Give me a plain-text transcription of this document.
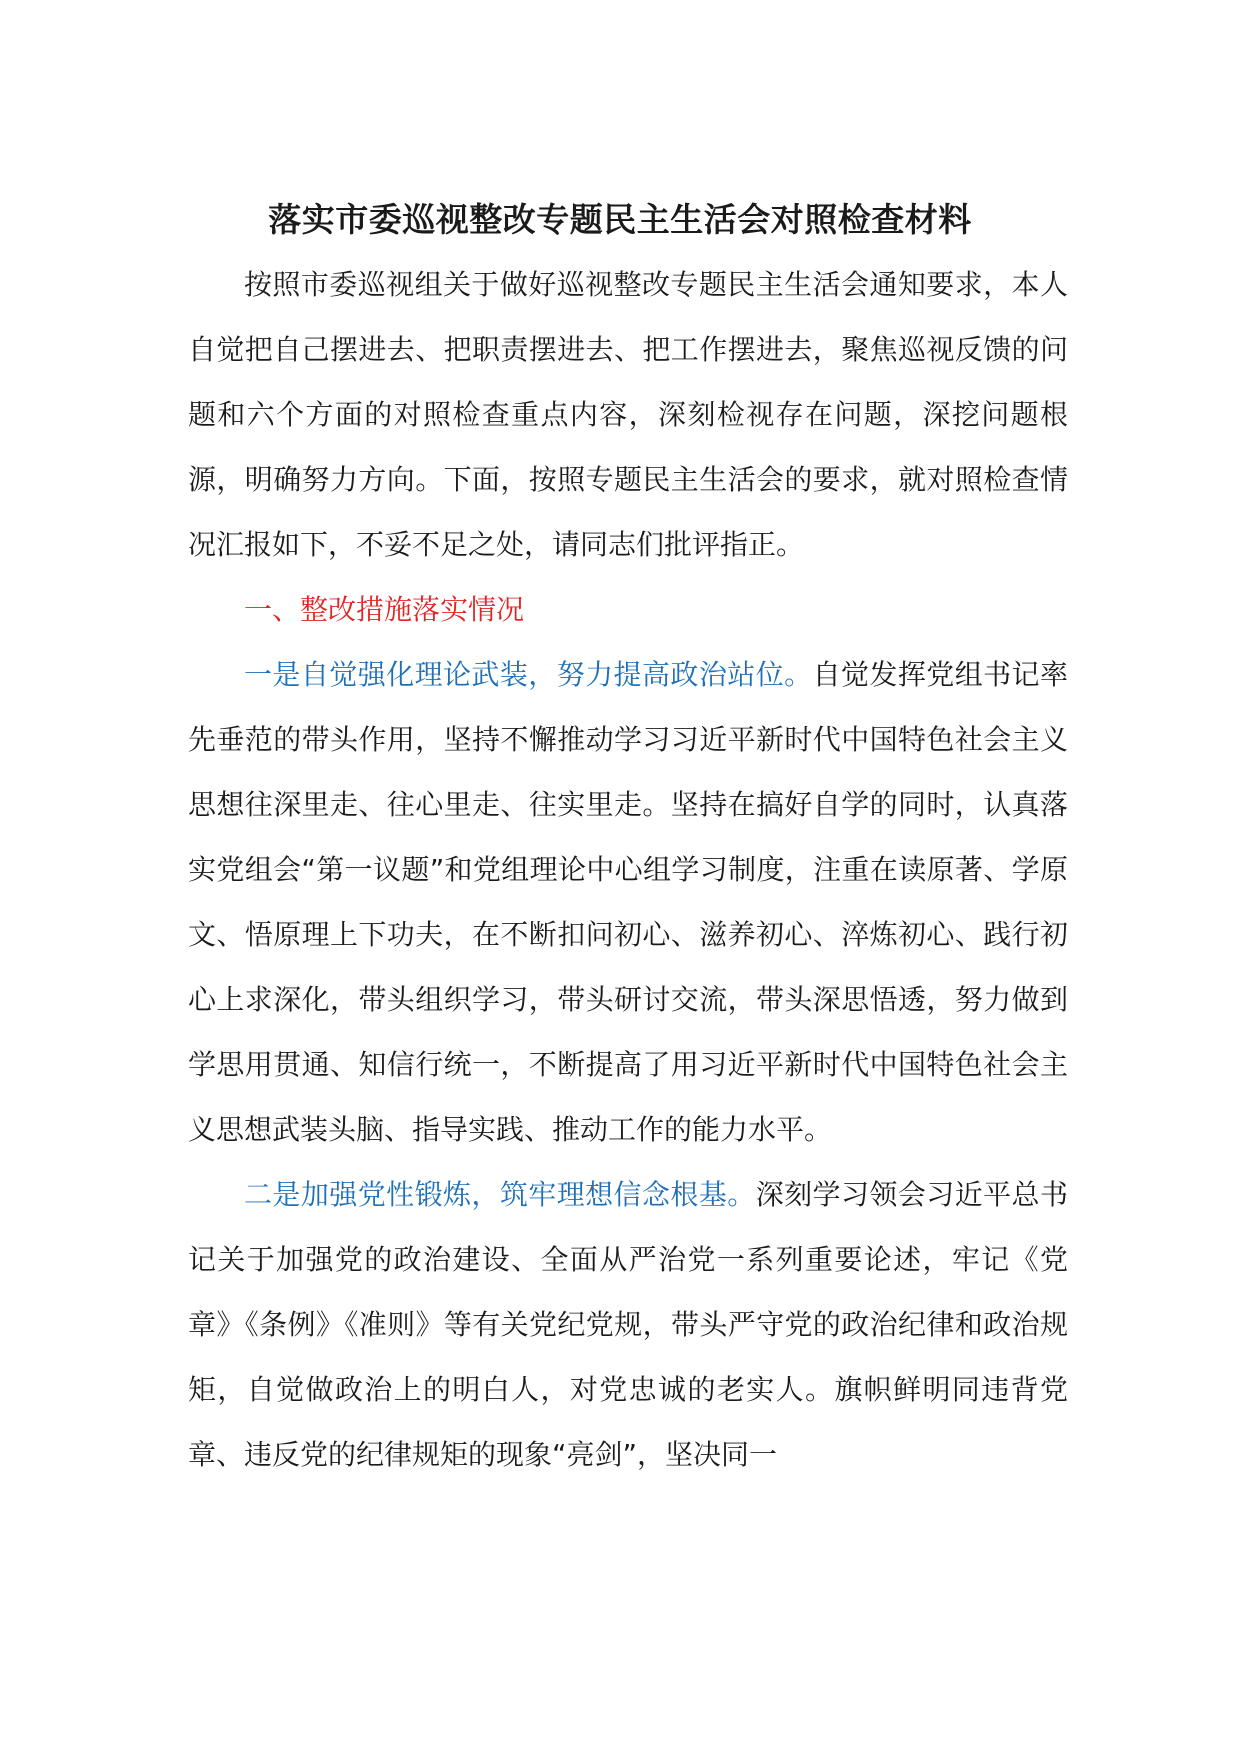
落实市委巡视整改专题民主生活会对照检查材料

按照市委巡视组关于做好巡视整改专题民主生活会通知要求，本人自觉把自己摆进去、把职责摆进去、把工作摆进去，聚焦巡视反馈的问题和六个方面的对照检查重点内容，深刻检视存在问题，深挖问题根源，明确努力方向。下面，按照专题民主生活会的要求，就对照检查情况汇报如下，不妥不足之处，请同志们批评指正。

一、整改措施落实情况

一是自觉强化理论武装，努力提高政治站位。自觉发挥党组书记率先垂范的带头作用，坚持不懈推动学习习近平新时代中国特色社会主义思想往深里走、往心里走、往实里走。坚持在搞好自学的同时，认真落实党组会“第一议题”和党组理论中心组学习制度，注重在读原著、学原文、悟原理上下功夫，在不断扣问初心、滋养初心、淬炼初心、践行初心上求深化，带头组织学习，带头研讨交流，带头深思悟透，努力做到学思用贯通、知信行统一，不断提高了用习近平新时代中国特色社会主义思想武装头脑、指导实践、推动工作的能力水平。

二是加强党性锻炼，筑牢理想信念根基。深刻学习领会习近平总书记关于加强党的政治建设、全面从严治党一系列重要论述，牢记《党章》《条例》《准则》等有关党纪党规，带头严守党的政治纪律和政治规矩，自觉做政治上的明白人，对党忠诚的老实人。旗帜鲜明同违背党章、违反党的纪律规矩的现象“亮剑”，坚决同一
